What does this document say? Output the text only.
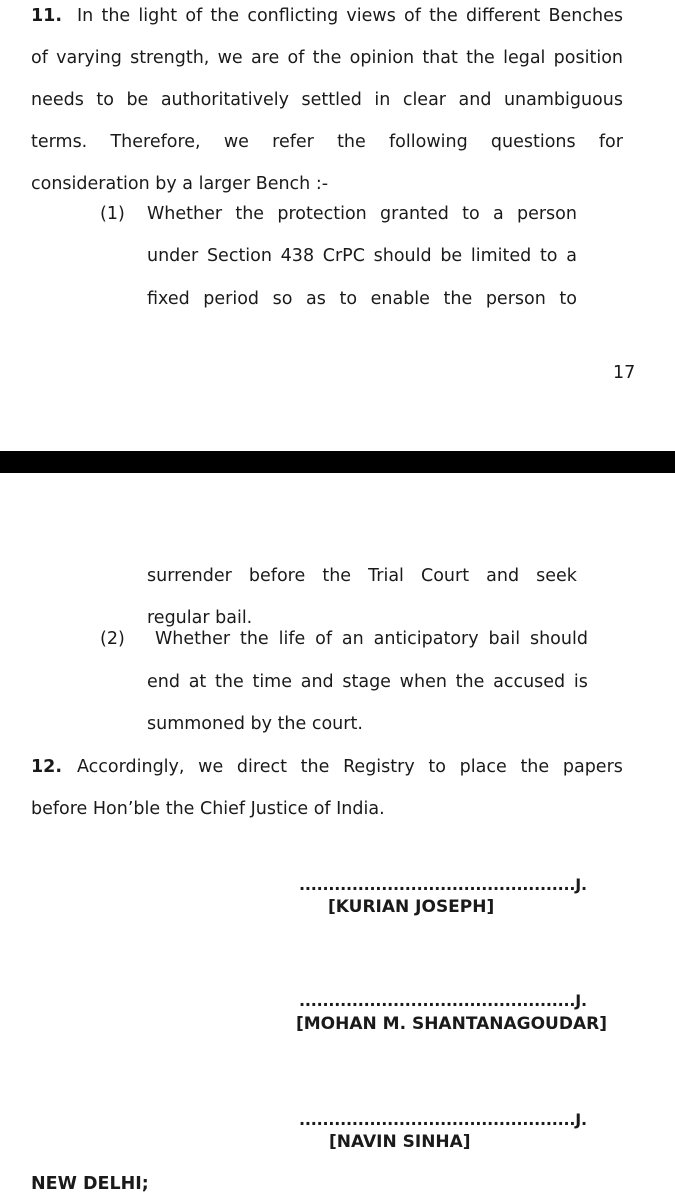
11. In the light of the conflicting views of the different Benches
of varying strength, we are of the opinion that the legal position
needs to be authoritatively settled in clear and unambiguous
terms. Therefore, we refer the following questions for
consideration by a larger Bench :-
(1) Whether the protection granted to a person
under Section 438 CrPC should be limited to a
fixed period so as to enable the person to
17
surrender before the Trial Court and seek
regular bail.
(2) Whether the life of an anticipatory bail should
end at the time and stage when the accused is
summoned by the court.
12. Accordingly, we direct the Registry to place the papers
before Hon’ble the Chief Justice of India.
...............................................J.
[KURIAN JOSEPH]
...............................................J.
[MOHAN M. SHANTANAGOUDAR]
...............................................J.
[NAVIN SINHA]
NEW DELHI;
